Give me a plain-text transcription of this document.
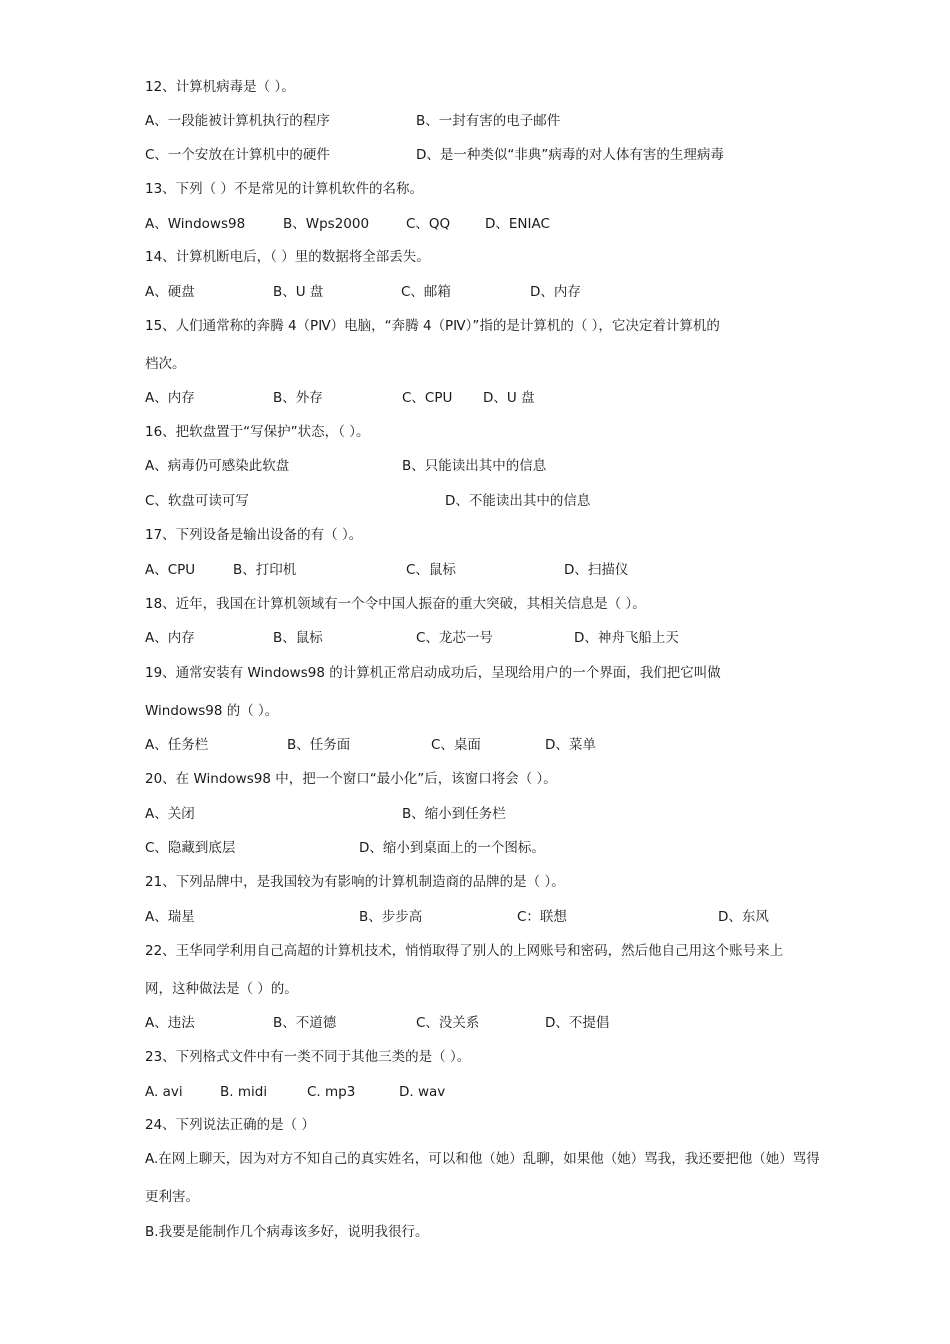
12、计算机病毒是（ ）。
A、一段能被计算机执行的程序	B、一封有害的电子邮件
C、一个安放在计算机中的硬件	D、是一种类似“非典”病毒的对人体有害的生理病毒
13、下列（ ）不是常见的计算机软件的名称。
A、Windows98	B、Wps2000	C、QQ	D、ENIAC
14、计算机断电后，（ ）里的数据将全部丢失。
A、硬盘	B、U 盘	C、邮箱	D、内存
15、人们通常称的奔腾 4（PⅣ）电脑，“奔腾 4（PⅣ）”指的是计算机的（ ），它决定着计算机的
档次。
A、内存	B、外存	C、CPU D、U 盘
16、把软盘置于“写保护”状态，（ ）。
A、病毒仍可感染此软盘	B、只能读出其中的信息
C、软盘可读可写	D、不能读出其中的信息
17、下列设备是输出设备的有（ ）。
A、CPU	B、打印机	C、鼠标	D、扫描仪
18、近年，我国在计算机领域有一个令中国人振奋的重大突破，其相关信息是（ ）。
A、内存	B、鼠标	C、龙芯一号	D、神舟飞船上天
19、通常安装有 Windows98 的计算机正常启动成功后，呈现给用户的一个界面，我们把它叫做
Windows98 的（ ）。
A、任务栏	B、任务面	C、桌面	D、菜单
20、在 Windows98 中，把一个窗口“最小化”后，该窗口将会（ ）。
A、关闭	B、缩小到任务栏
C、隐藏到底层	D、缩小到桌面上的一个图标。
21、下列品牌中，是我国较为有影响的计算机制造商的品牌的是（ ）。
A、瑞星	B、步步高	C：联想	D、东风
22、王华同学利用自己高超的计算机技术，悄悄取得了别人的上网账号和密码，然后他自己用这个账号来上
网，这种做法是（ ）的。
A、违法	B、不道德	C、没关系	D、不提倡
23、下列格式文件中有一类不同于其他三类的是（ ）。
A. avi	B. midi	C. mp3	D. wav
24、下列说法正确的是（ ）
A.在网上聊天，因为对方不知自己的真实姓名，可以和他（她）乱聊，如果他（她）骂我，我还要把他（她）骂得
更利害。
B.我要是能制作几个病毒该多好，说明我很行。
